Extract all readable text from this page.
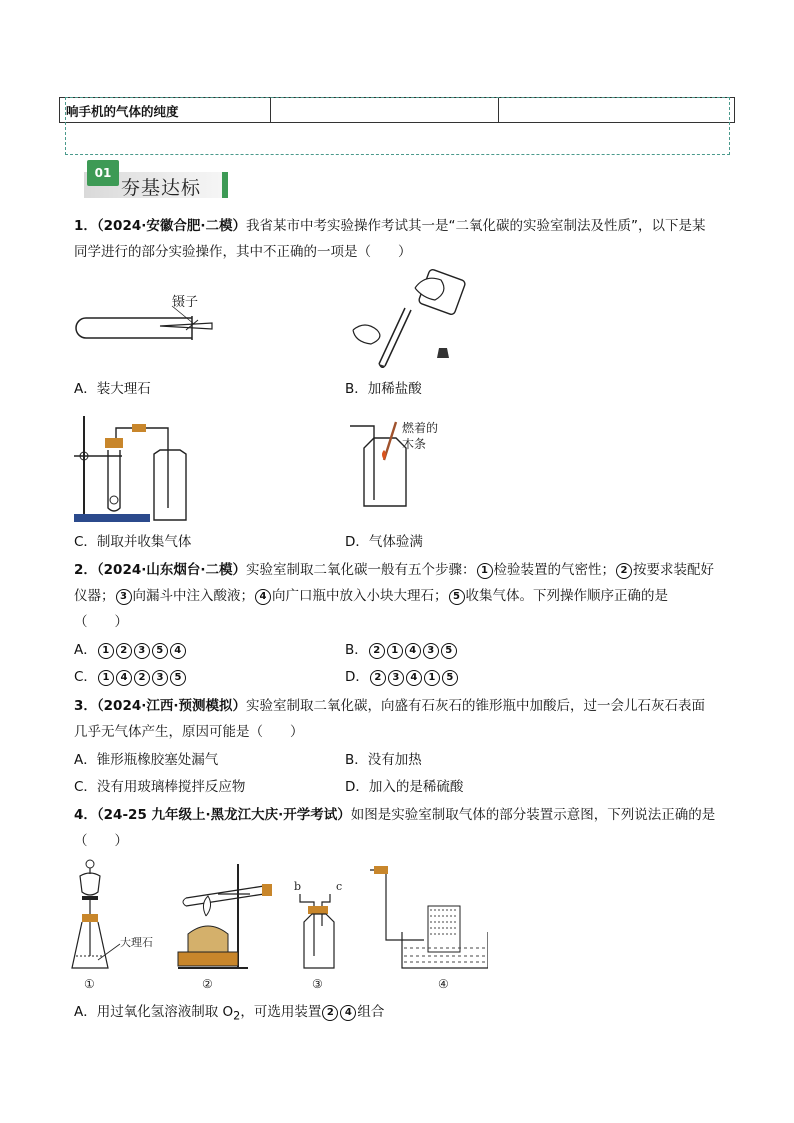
响手机的气体的纯度
01
夯基达标
1．（2024·安徽合肥·二模）我省某市中考实验操作考试其一是“二氧化碳的实验室制法及性质”，以下是某
同学进行的部分实验操作，其中不正确的一项是（　　）
镊子
A．装大理石	B．加稀盐酸
燃着的
木条
C．制取并收集气体	D．气体验满
2．（2024·山东烟台·二模）实验室制取二氧化碳一般有五个步骤： 1 检验装置的气密性； 2 按要求装配好
仪器； 3 向漏斗中注入酸液； 4 向广口瓶中放入小块大理石； 5 收集气体。下列操作顺序正确的是
（　　）
A． 1 2 3 5 4	B． 2 1 4 3 5
C． 1 4 2 3 5	D． 2 3 4 1 5
3．（2024·江西·预测模拟）实验室制取二氧化碳，向盛有石灰石的锥形瓶中加酸后，过一会儿石灰石表面
几乎无气体产生，原因可能是（　　）
A．锥形瓶橡胶塞处漏气	B．没有加热
C．没有用玻璃棒搅拌反应物	D．加入的是稀硫酸
4．（24-25 九年级上·黑龙江大庆·开学考试）如图是实验室制取气体的部分装置示意图，下列说法正确的是
（　　）
大理石
①	②
b	c
③	④
A．用过氧化氢溶液制取 $O_2$，可选用装置 2 4 组合
